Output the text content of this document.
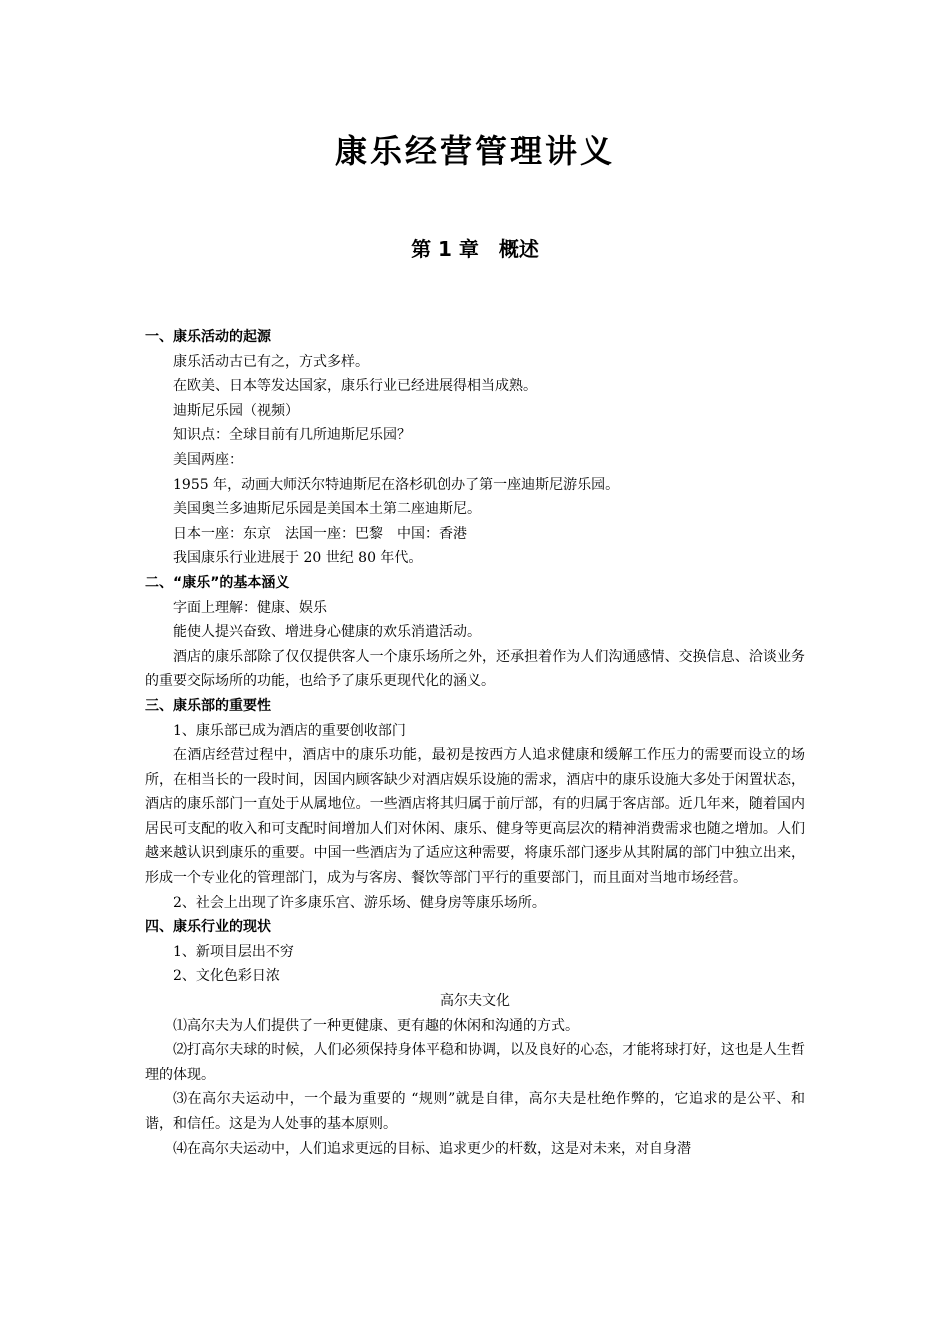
康乐经营管理讲义
第 1 章　概述

一、康乐活动的起源

康乐活动古已有之，方式多样。

在欧美、日本等发达国家，康乐行业已经进展得相当成熟。

迪斯尼乐园（视频）

知识点：全球目前有几所迪斯尼乐园？

美国两座：

1955 年，动画大师沃尔特迪斯尼在洛杉矶创办了第一座迪斯尼游乐园。

美国奥兰多迪斯尼乐园是美国本土第二座迪斯尼。

日本一座：东京　法国一座：巴黎　中国：香港

我国康乐行业进展于 20 世纪 80 年代。

二、“康乐”的基本涵义

字面上理解：健康、娱乐

能使人提兴奋致、增进身心健康的欢乐消遣活动。

酒店的康乐部除了仅仅提供客人一个康乐场所之外，还承担着作为人们沟通感情、交换信息、洽谈业务的重要交际场所的功能，也给予了康乐更现代化的涵义。

三、康乐部的重要性

1、康乐部已成为酒店的重要创收部门

在酒店经营过程中，酒店中的康乐功能，最初是按西方人追求健康和缓解工作压力的需要而设立的场所，在相当长的一段时间，因国内顾客缺少对酒店娱乐设施的需求，酒店中的康乐设施大多处于闲置状态，酒店的康乐部门一直处于从属地位。一些酒店将其归属于前厅部，有的归属于客店部。近几年来，随着国内居民可支配的收入和可支配时间增加人们对休闲、康乐、健身等更高层次的精神消费需求也随之增加。人们越来越认识到康乐的重要。中国一些酒店为了适应这种需要，将康乐部门逐步从其附属的部门中独立出来，形成一个专业化的管理部门，成为与客房、餐饮等部门平行的重要部门，而且面对当地市场经营。

2、社会上出现了许多康乐宫、游乐场、健身房等康乐场所。

四、康乐行业的现状

1、新项目层出不穷

2、文化色彩日浓

高尔夫文化

⑴高尔夫为人们提供了一种更健康、更有趣的休闲和沟通的方式。

⑵打高尔夫球的时候，人们必须保持身体平稳和协调，以及良好的心态，才能将球打好，这也是人生哲理的体现。

⑶在高尔夫运动中，一个最为重要的 “规则”就是自律，高尔夫是杜绝作弊的，它追求的是公平、和谐，和信任。这是为人处事的基本原则。

⑷在高尔夫运动中，人们追求更远的目标、追求更少的杆数，这是对未来，对自身潜
